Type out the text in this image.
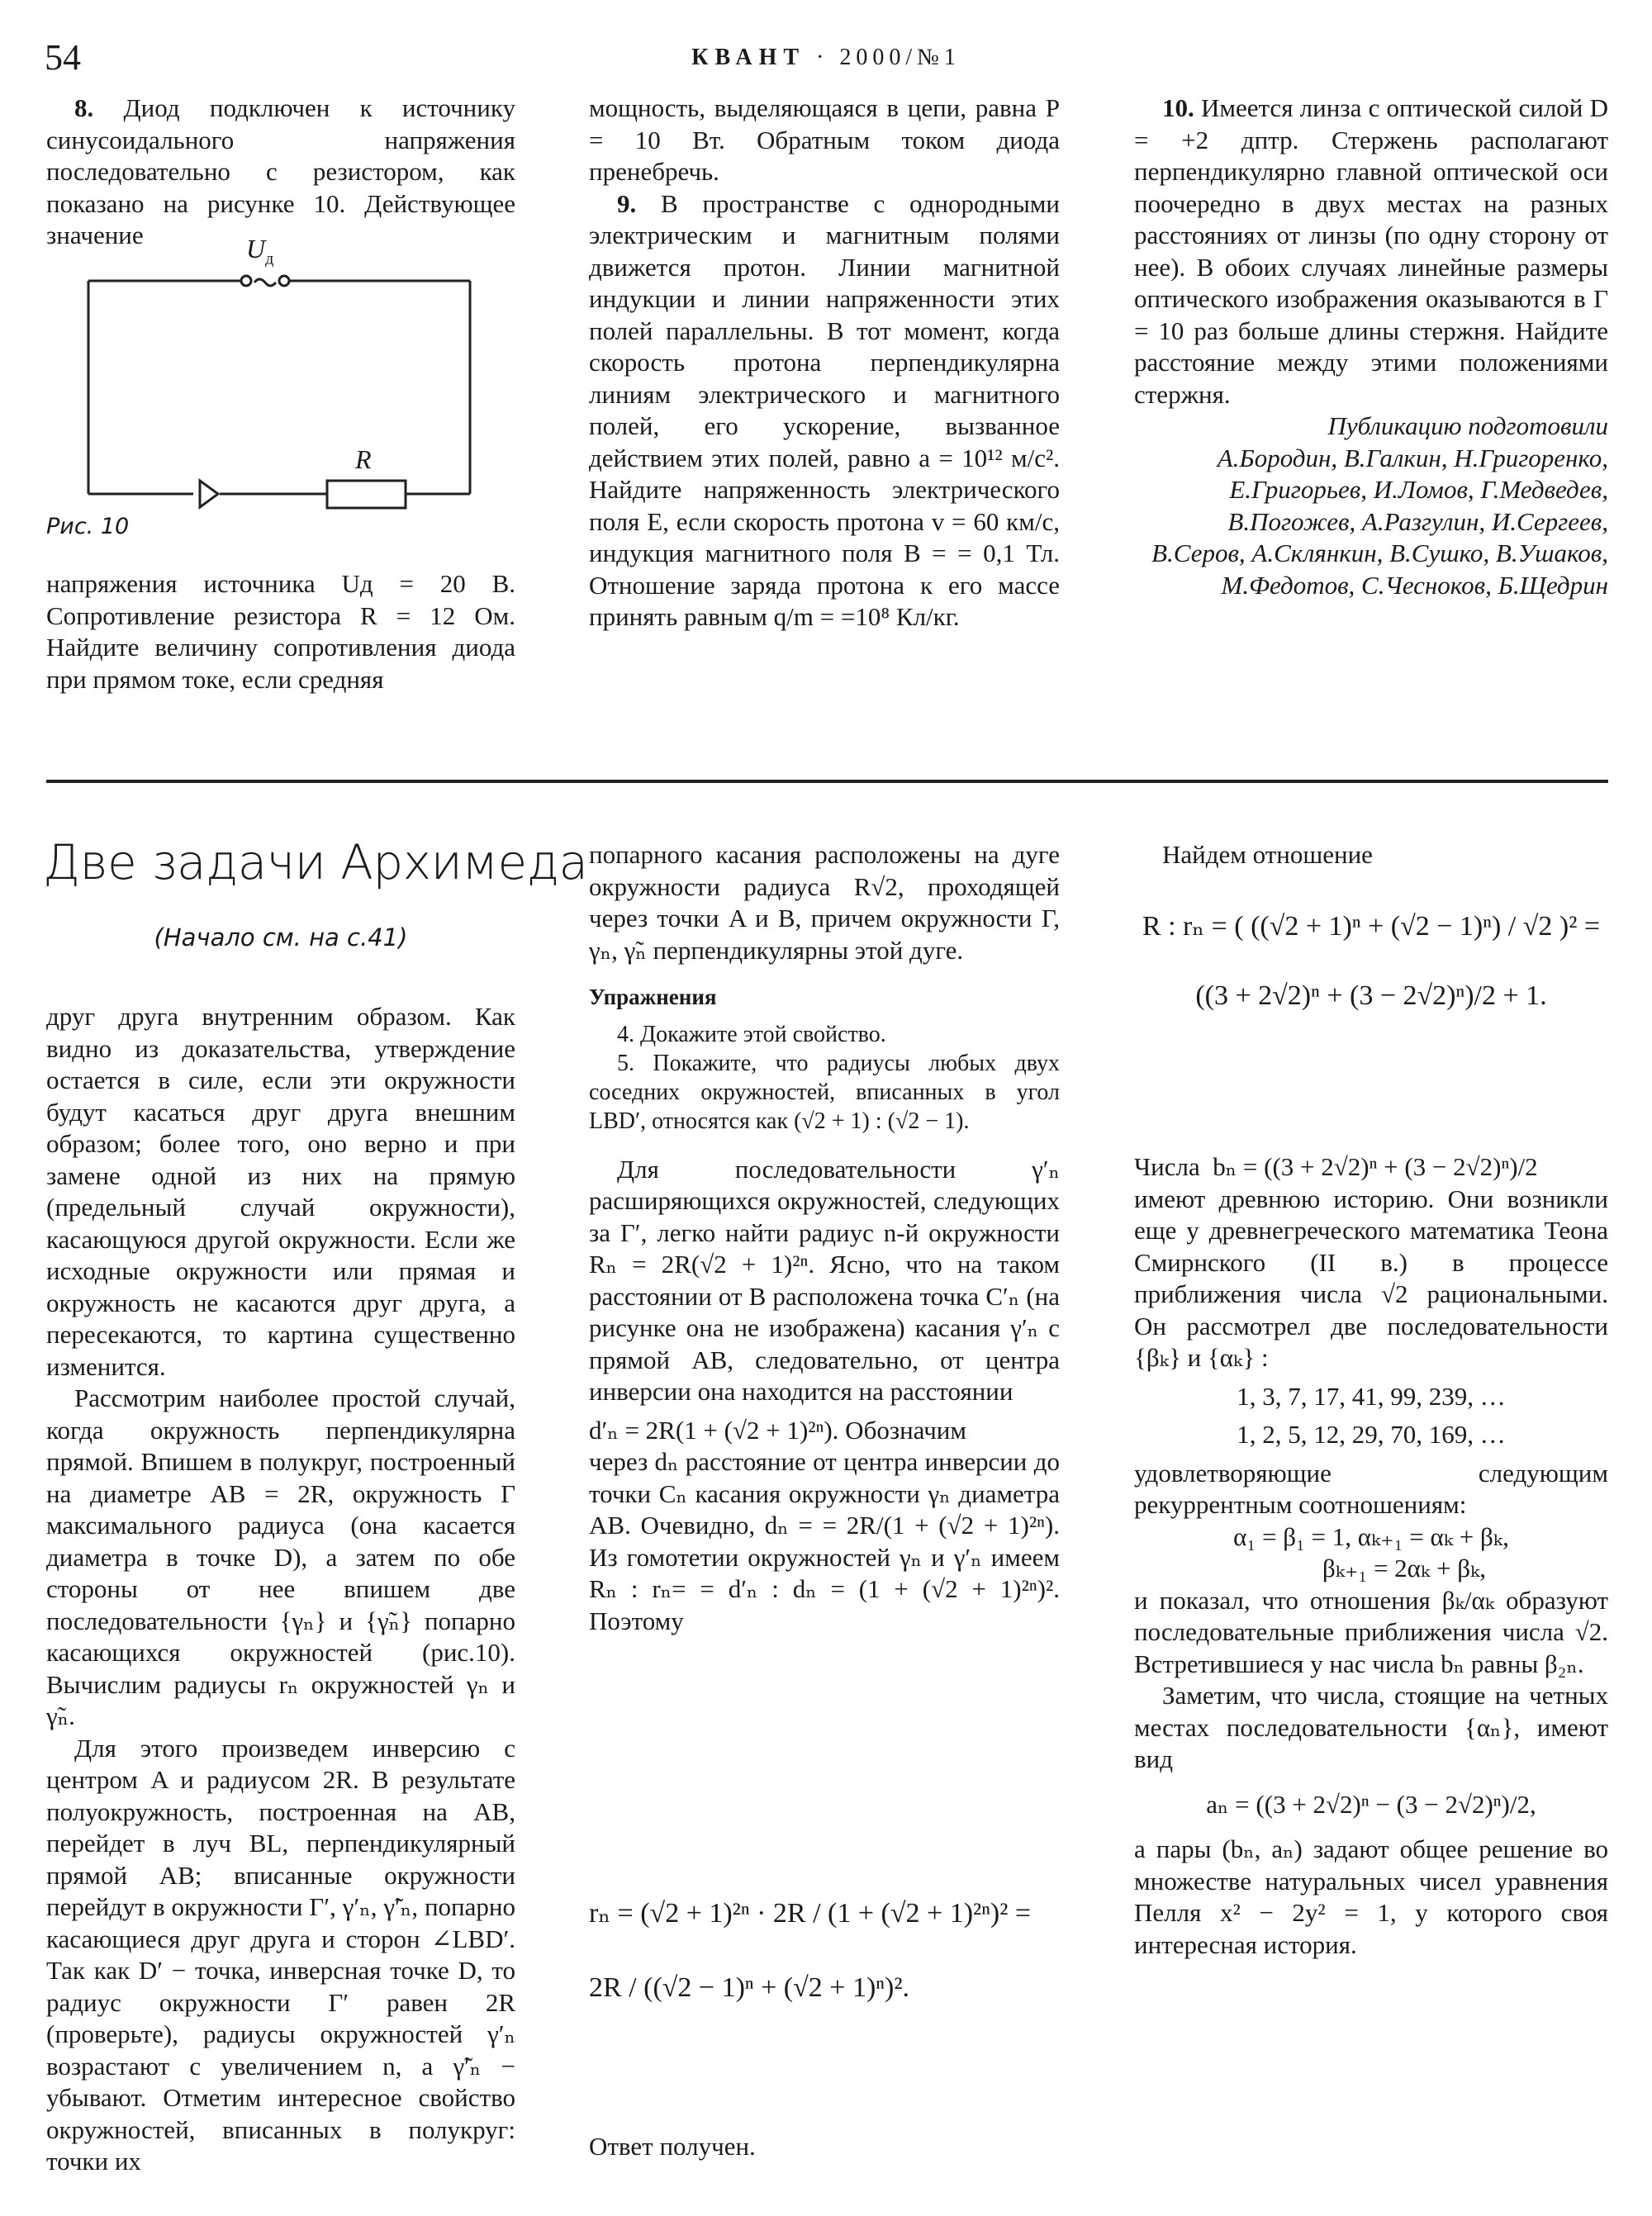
54	КВАНТ · 2000/№1

8. Диод подключен к источнику синусоидального напряжения последовательно с резистором, как показано на рисунке 10. Действующее значение	$U_д$
R
Рис. 10

напряжения источника Uд = 20 В. Сопротивление резистора R = 12 Ом. Найдите величину сопротивления диода при прямом токе, если средняя

мощность, выделяющаяся в цепи, равна P = 10 Вт. Обратным током диода пренебречь.

9. В пространстве с однородными электрическим и магнитным полями движется протон. Линии магнитной индукции и линии напряженности этих полей параллельны. В тот момент, когда скорость протона перпендикулярна линиям электрического и магнитного полей, его ускорение, вызванное действием этих полей, равно a = 10¹² м/с². Найдите напряженность электрического поля E, если скорость протона v = 60 км/с, индукция магнитного поля B = = 0,1 Тл. Отношение заряда протона к его массе принять равным q/m = =10⁸ Кл/кг.

10. Имеется линза с оптической силой D = +2 дптр. Стержень располагают перпендикулярно главной оптической оси поочередно в двух местах на разных расстояниях от линзы (по одну сторону от нее). В обоих случаях линейные размеры оптического изображения оказываются в Г = 10 раз больше длины стержня. Найдите расстояние между этими положениями стержня.

Публикацию подготовили

А.Бородин, В.Галкин, Н.Григоренко, Е.Григорьев, И.Ломов, Г.Медведев, В.Погожев, А.Разгулин, И.Сергеев, В.Серов, А.Склянкин, В.Сушко, В.Ушаков, М.Федотов, С.Чесноков, Б.Щедрин

Две задачи Архимеда
(Начало см. на с.41)

друг друга внутренним образом. Как видно из доказательства, утверждение остается в силе, если эти окружности будут касаться друг друга внешним образом; более того, оно верно и при замене одной из них на прямую (предельный случай окружности), касающуюся другой окружности. Если же исходные окружности или прямая и окружность не касаются друг друга, а пересекаются, то картина существенно изменится.

Рассмотрим наиболее простой случай, когда окружность перпендикулярна прямой. Впишем в полукруг, построенный на диаметре AB = 2R, окружность Г максимального радиуса (она касается диаметра в точке D), а затем по обе стороны от нее впишем две последовательности {γₙ} и {γ̃ₙ} попарно касающихся окружностей (рис.10). Вычислим радиусы rₙ окружностей γₙ и γ̃ₙ.

Для этого произведем инверсию с центром A и радиусом 2R. В результате полуокружность, построенная на AB, перейдет в луч BL, перпендикулярный прямой AB; вписанные окружности перейдут в окружности Г′, γ′ₙ, γ̃′ₙ, попарно касающиеся друг друга и сторон ∠LBD′. Так как D′ − точка, инверсная точке D, то радиус окружности Г′ равен 2R (проверьте), радиусы окружностей γ′ₙ возрастают с увеличением n, а γ̃′ₙ − убывают. Отметим интересное свойство окружностей, вписанных в полукруг: точки их

попарного касания расположены на дуге окружности радиуса R√2, проходящей через точки A и B, причем окружности Г, γₙ, γ̃ₙ перпендикулярны этой дуге.

Упражнения

4. Докажите этой свойство.

5. Покажите, что радиусы любых двух соседних окружностей, вписанных в угол LBD′, относятся как (√2 + 1) : (√2 − 1).

Для последовательности γ′ₙ расширяющихся окружностей, следующих за Г′, легко найти радиус n-й окружности Rₙ = 2R(√2 + 1)²ⁿ. Ясно, что на таком расстоянии от B расположена точка C′ₙ (на рисунке она не изображена) касания γ′ₙ с прямой AB, следовательно, от центра инверсии она находится на расстоянии

d′ₙ = 2R(1 + (√2 + 1)²ⁿ). Обозначим

через dₙ расстояние от центра инверсии до точки Cₙ касания окружности γₙ диаметра AB. Очевидно, dₙ = = 2R/(1 + (√2 + 1)²ⁿ). Из гомотетии окружностей γₙ и γ′ₙ имеем Rₙ : rₙ= = d′ₙ : dₙ = (1 + (√2 + 1)²ⁿ)². Поэтому

rₙ = (√2 + 1)²ⁿ · 2R / (1 + (√2 + 1)²ⁿ)² = 2R / ((√2 − 1)ⁿ + (√2 + 1)ⁿ)².

Ответ получен.

Найдем отношение

R : rₙ = ( ((√2 + 1)ⁿ + (√2 − 1)ⁿ) / √2 )² = ((3 + 2√2)ⁿ + (3 − 2√2)ⁿ)/2 + 1.

Числа bₙ = ((3 + 2√2)ⁿ + (3 − 2√2)ⁿ)/2

имеют древнюю историю. Они возникли еще у древнегреческого математика Теона Смирнского (II в.) в процессе приближения числа √2 рациональными. Он рассмотрел две последовательности {βₖ} и {αₖ} :

1, 3, 7, 17, 41, 99, 239, …

1, 2, 5, 12, 29, 70, 169, …

удовлетворяющие следующим рекуррентным соотношениям:

α₁ = β₁ = 1, αₖ₊₁ = αₖ + βₖ,

βₖ₊₁ = 2αₖ + βₖ,

и показал, что отношения βₖ/αₖ образуют последовательные приближения числа √2. Встретившиеся у нас числа bₙ равны β₂ₙ.

Заметим, что числа, стоящие на четных местах последовательности {αₙ}, имеют вид

aₙ = ((3 + 2√2)ⁿ − (3 − 2√2)ⁿ)/2,

а пары (bₙ, aₙ) задают общее решение во множестве натуральных чисел уравнения Пелля x² − 2y² = 1, у которого своя интересная история.
